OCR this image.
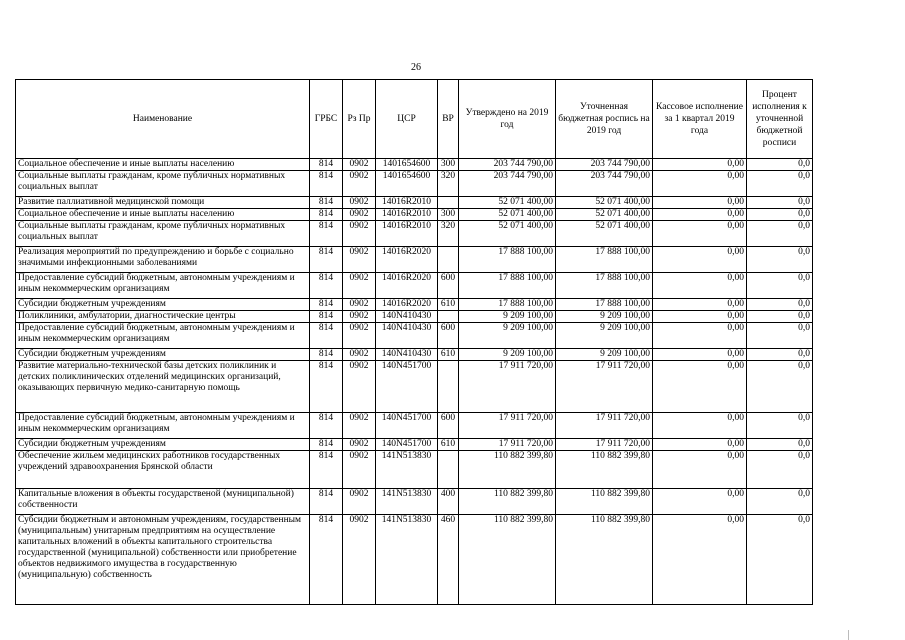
26
Наименование	ГРБС	Рз Пр	ЦСР	ВР	Утверждено на 2019 год	Уточненная бюджетная роспись на 2019 год	Кассовое исполнение за 1 квартал 2019 года	Процент исполнения к уточненной бюджетной росписи
Социальное обеспечение и иные выплаты населению	814	0902	1401654600	300	203 744 790,00	203 744 790,00	0,00	0,0
Социальные выплаты гражданам, кроме публичных нормативных социальных выплат	814	0902	1401654600	320	203 744 790,00	203 744 790,00	0,00	0,0
Развитие паллиативной медицинской помощи	814	0902	14016R2010		52 071 400,00	52 071 400,00	0,00	0,0
Социальное обеспечение и иные выплаты населению	814	0902	14016R2010	300	52 071 400,00	52 071 400,00	0,00	0,0
Социальные выплаты гражданам, кроме публичных нормативных социальных выплат	814	0902	14016R2010	320	52 071 400,00	52 071 400,00	0,00	0,0
Реализация мероприятий по предупреждению и борьбе с социально значимыми инфекционными заболеваниями	814	0902	14016R2020		17 888 100,00	17 888 100,00	0,00	0,0
Предоставление субсидий бюджетным, автономным учреждениям и иным некоммерческим организациям	814	0902	14016R2020	600	17 888 100,00	17 888 100,00	0,00	0,0
Субсидии бюджетным учреждениям	814	0902	14016R2020	610	17 888 100,00	17 888 100,00	0,00	0,0
Поликлиники, амбулатории, диагностические центры	814	0902	140N410430		9 209 100,00	9 209 100,00	0,00	0,0
Предоставление субсидий бюджетным, автономным учреждениям и иным некоммерческим организациям	814	0902	140N410430	600	9 209 100,00	9 209 100,00	0,00	0,0
Субсидии бюджетным учреждениям	814	0902	140N410430	610	9 209 100,00	9 209 100,00	0,00	0,0
Развитие материально-технической базы детских поликлиник и детских поликлинических отделений медицинских организаций, оказывающих первичную медико-санитарную помощь	814	0902	140N451700		17 911 720,00	17 911 720,00	0,00	0,0
Предоставление субсидий бюджетным, автономным учреждениям и иным некоммерческим организациям	814	0902	140N451700	600	17 911 720,00	17 911 720,00	0,00	0,0
Субсидии бюджетным учреждениям	814	0902	140N451700	610	17 911 720,00	17 911 720,00	0,00	0,0
Обеспечение жильем медицинских работников государственных учреждений здравоохранения Брянской области	814	0902	141N513830		110 882 399,80	110 882 399,80	0,00	0,0
Капитальные вложения в объекты государственой (муниципальной) собственности	814	0902	141N513830	400	110 882 399,80	110 882 399,80	0,00	0,0
Субсидии бюджетным и автономным учреждениям, государственным (муниципальным) унитарным предприятиям на осуществление капитальных вложений в объекты капитального строительства государственной (муниципальной) собственности или приобретение объектов недвижимого имущества в государственную (муниципальную) собственность	814	0902	141N513830	460	110 882 399,80	110 882 399,80	0,00	0,0
